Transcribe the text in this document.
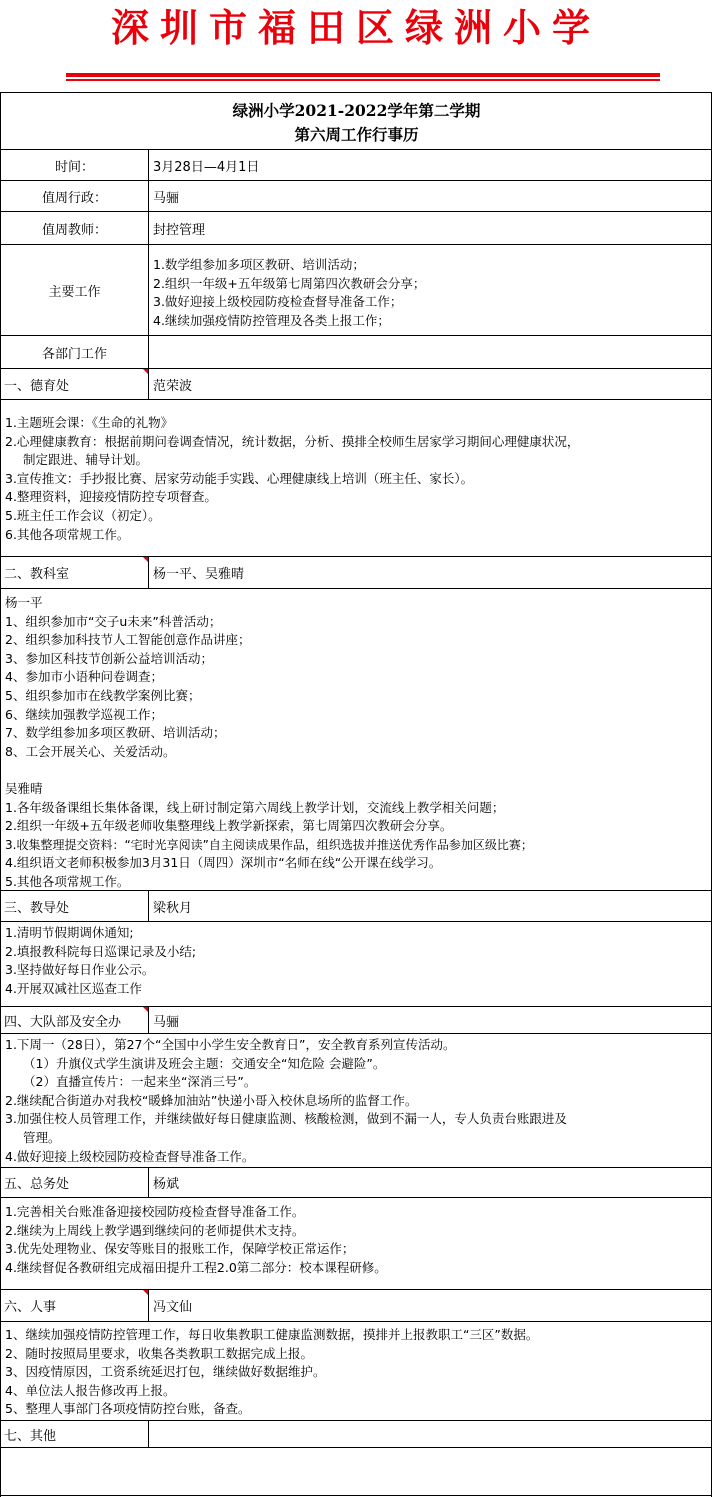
深圳市福田区绿洲小学
绿洲小学2021-2022学年第二学期
第六周工作行事历
时间：	3月28日—4月1日
值周行政：	马骊
值周教师：	封控管理
主要工作
1.数学组参加多项区教研、培训活动；
2.组织一年级+五年级第七周第四次教研会分享；
3.做好迎接上级校园防疫检查督导准备工作；
4.继续加强疫情防控管理及各类上报工作；
各部门工作
一、德育处	范荣波
1.主题班会课：《生命的礼物》
2.心理健康教育：根据前期问卷调查情况，统计数据，分析、摸排全校师生居家学习期间心理健康状况，
制定跟进、辅导计划。
3.宣传推文：手抄报比赛、居家劳动能手实践、心理健康线上培训（班主任、家长）。
4.整理资料，迎接疫情防控专项督查。
5.班主任工作会议（初定）。
6.其他各项常规工作。
二、教科室	杨一平、吴雅晴
杨一平
1、组织参加市“交子u未来”科普活动；
2、组织参加科技节人工智能创意作品讲座；
3、参加区科技节创新公益培训活动；
4、参加市小语种问卷调查；
5、组织参加市在线教学案例比赛；
6、继续加强教学巡视工作；
7、数学组参加多项区教研、培训活动；
8、工会开展关心、关爱活动。
吴雅晴
1.各年级备课组长集体备课，线上研讨制定第六周线上教学计划，交流线上教学相关问题；
2.组织一年级+五年级老师收集整理线上教学新探索，第七周第四次教研会分享。
3.收集整理提交资料：“宅时光享阅读”自主阅读成果作品，组织选拔并推送优秀作品参加区级比赛；
4.组织语文老师积极参加3月31日（周四）深圳市“名师在线“公开课在线学习。
5.其他各项常规工作。
三、教导处	梁秋月
1.清明节假期调休通知;
2.填报教科院每日巡课记录及小结;
3.坚持做好每日作业公示。
4.开展双减社区巡查工作
四、大队部及安全办	马骊
1.下周一（28日），第27个“全国中小学生安全教育日”，安全教育系列宣传活动。
（1）升旗仪式学生演讲及班会主题：交通安全“知危险 会避险”。
（2）直播宣传片：一起来坐“深消三号”。
2.继续配合街道办对我校“暖蜂加油站”快递小哥入校休息场所的监督工作。
3.加强住校人员管理工作，并继续做好每日健康监测、核酸检测，做到不漏一人，专人负责台账跟进及
管理。
4.做好迎接上级校园防疫检查督导准备工作。
五、总务处	杨斌
1.完善相关台账准备迎接校园防疫检查督导准备工作。
2.继续为上周线上教学遇到继续问的老师提供术支持。
3.优先处理物业、保安等账目的报账工作，保障学校正常运作；
4.继续督促各教研组完成福田提升工程2.0第二部分：校本课程研修。
六、人事	冯文仙
1、继续加强疫情防控管理工作，每日收集教职工健康监测数据，摸排并上报教职工“三区”数据。
2、随时按照局里要求，收集各类教职工数据完成上报。
3、因疫情原因，工资系统延迟打包，继续做好数据维护。
4、单位法人报告修改再上报。
5、整理人事部门各项疫情防控台账，备查。
七、其他
